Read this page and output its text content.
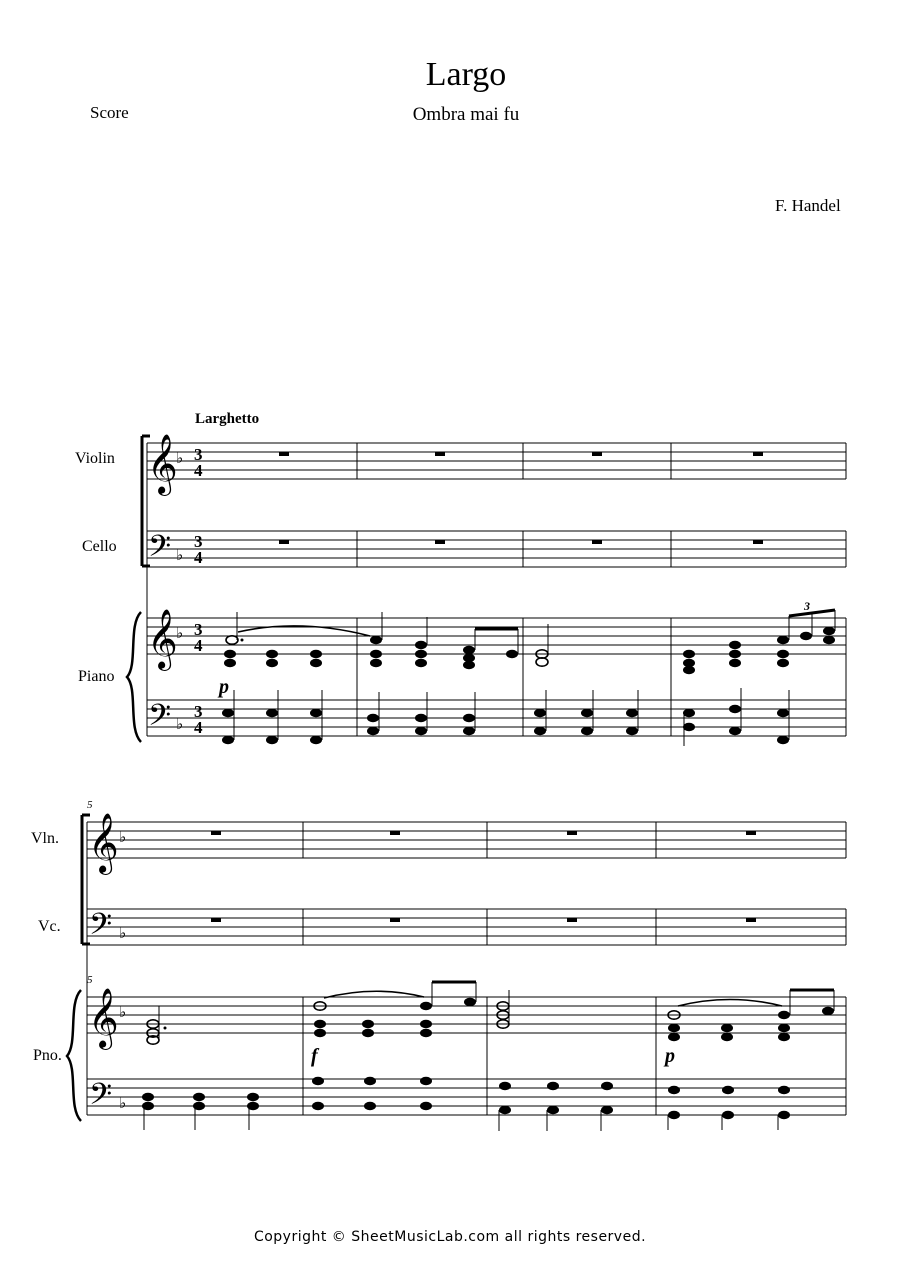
Largo
Ombra mai fu
Score
F. Handel
Larghetto
Violin
Cello
Piano
𝄞
𝄢
𝄞
𝄢
♭
♭
♭
♭
3
4
3
4
3
4
3
4
3
p
5
5
Vln.
Vc.
Pno.
𝄞
𝄢
𝄞
𝄢
♭
♭
♭
♭
f	p
Copyright © SheetMusicLab.com all rights reserved.
